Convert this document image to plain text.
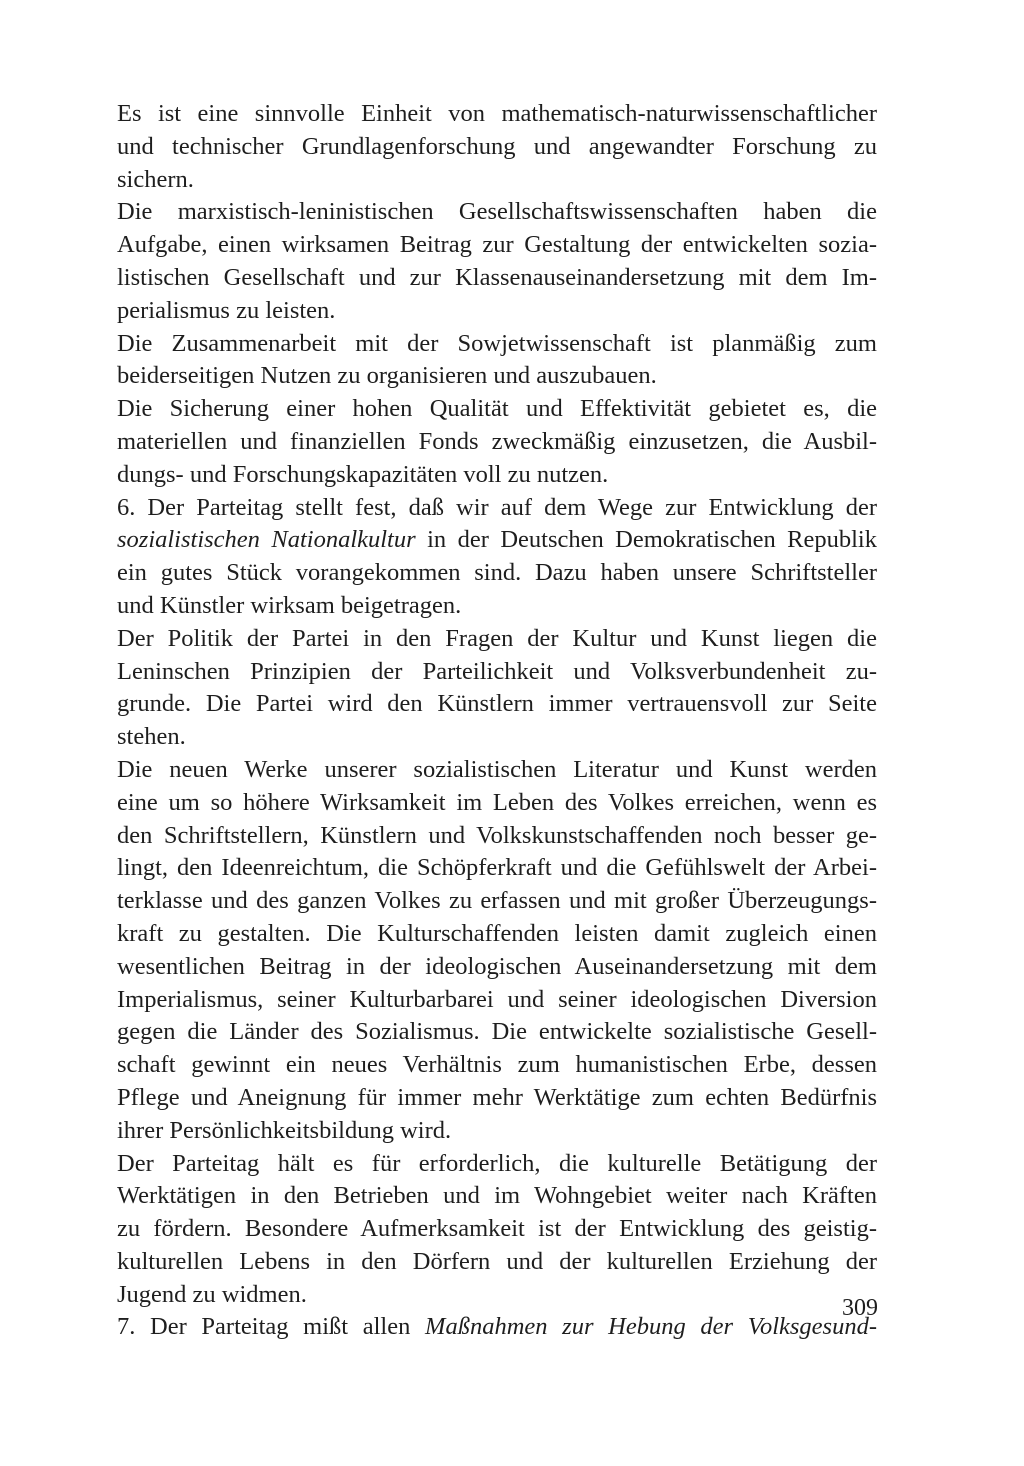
Es ist eine sinnvolle Einheit von mathematisch-naturwissenschaftlicher
und technischer Grundlagenforschung und angewandter Forschung zu
sichern.
Die marxistisch-leninistischen Gesellschaftswissenschaften haben die
Aufgabe, einen wirksamen Beitrag zur Gestaltung der entwickelten sozia-
listischen Gesellschaft und zur Klassenauseinandersetzung mit dem Im-
perialismus zu leisten.
Die Zusammenarbeit mit der Sowjetwissenschaft ist planmäßig zum
beiderseitigen Nutzen zu organisieren und auszubauen.
Die Sicherung einer hohen Qualität und Effektivität gebietet es, die
materiellen und finanziellen Fonds zweckmäßig einzusetzen, die Ausbil-
dungs- und Forschungskapazitäten voll zu nutzen.
6. Der Parteitag stellt fest, daß wir auf dem Wege zur Entwicklung der
sozialistischen Nationalkultur in der Deutschen Demokratischen Republik
ein gutes Stück vorangekommen sind. Dazu haben unsere Schriftsteller
und Künstler wirksam beigetragen.
Der Politik der Partei in den Fragen der Kultur und Kunst liegen die
Leninschen Prinzipien der Parteilichkeit und Volksverbundenheit zu-
grunde. Die Partei wird den Künstlern immer vertrauensvoll zur Seite
stehen.
Die neuen Werke unserer sozialistischen Literatur und Kunst werden
eine um so höhere Wirksamkeit im Leben des Volkes erreichen, wenn es
den Schriftstellern, Künstlern und Volkskunstschaffenden noch besser ge-
lingt, den Ideenreichtum, die Schöpferkraft und die Gefühlswelt der Arbei-
terklasse und des ganzen Volkes zu erfassen und mit großer Überzeugungs-
kraft zu gestalten. Die Kulturschaffenden leisten damit zugleich einen
wesentlichen Beitrag in der ideologischen Auseinandersetzung mit dem
Imperialismus, seiner Kulturbarbarei und seiner ideologischen Diversion
gegen die Länder des Sozialismus. Die entwickelte sozialistische Gesell-
schaft gewinnt ein neues Verhältnis zum humanistischen Erbe, dessen
Pflege und Aneignung für immer mehr Werktätige zum echten Bedürfnis
ihrer Persönlichkeitsbildung wird.
Der Parteitag hält es für erforderlich, die kulturelle Betätigung der
Werktätigen in den Betrieben und im Wohngebiet weiter nach Kräften
zu fördern. Besondere Aufmerksamkeit ist der Entwicklung des geistig-
kulturellen Lebens in den Dörfern und der kulturellen Erziehung der
Jugend zu widmen.
7. Der Parteitag mißt allen Maßnahmen zur Hebung der Volksgesund-
309
